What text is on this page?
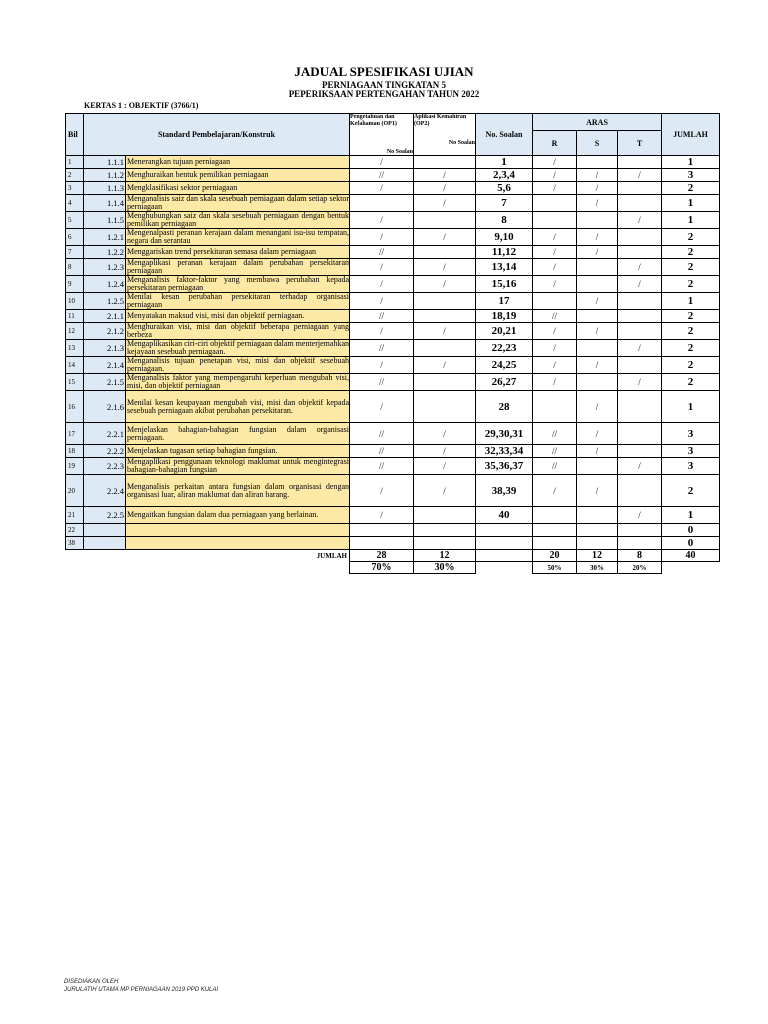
JADUAL SPESIFIKASI UJIAN
PERNIAGAAN TINGKATAN 5
PEPERIKSAAN PERTENGAHAN TAHUN 2022
KERTAS 1 : OBJEKTIF (3766/1)
Bil	Standard Pembelajaran/Konstruk		Pengetahuan dan Kefahaman (OP1)	Aplikasi Kemahiran (OP2)	No. Soalan	ARAS			JUMLAH
			No Soalan	No Soalan		R	S	T	
1	1.1.1	Menerangkan tujuan perniagaan	/		1	/			1
2	1.1.2	Menghuraikan bentuk pemilikan perniagaan	//	/	2,3,4	/	/	/	3
3	1.1.3	Mengklasifikasi sektor perniagaan	/	/	5,6	/	/		2
4	1.1.4	Menganalisis saiz dan skala sesebuah perniagaan dalam setiap sektor perniagaan		/	7		/		1
5	1.1.5	Menghubungkan saiz dan skala sesebuah perniagaan dengan bentuk pemilikan perniagaan	/		8			/	1
6	1.2.1	Mengenalpasti peranan kerajaan dalam menangani isu-isu tempatan, negara dan serantau	/	/	9,10	/	/		2
7	1.2.2	Menggariskan trend persekitaran semasa dalam perniagaan	//		11,12	/	/		2
8	1.2.3	Mengaplikasi peranan kerajaan dalam perubahan persekitaran perniagaan	/	/	13,14	/		/	2
9	1.2.4	Menganalisis faktor-faktor yang membawa perubahan kepada persekitaran perniagaan	/	/	15,16	/		/	2
10	1.2.5	Menilai kesan perubahan persekitaran terhadap organisasi perniagaan	/		17		/		1
11	2.1.1	Menyatakan maksud visi, misi dan objektif perniagaan.	//		18,19	//			2
12	2.1.2	Menghuraikan visi, misi dan objektif beberapa perniagaan yang berbeza	/	/	20,21	/	/		2
13	2.1.3	Mengaplikasikan ciri-ciri objektif perniagaan dalam menterjemahkan kejayaan sesebuah perniagaan.	//		22,23	/		/	2
14	2.1.4	Menganalisis tujuan penetapan visi, misi dan objektif sesebuah perniagaan.	/	/	24,25	/	/		2
15	2.1.5	Menganalisis faktor yang mempengaruhi keperluan mengubah visi, misi, dan objektif perniagaan	//		26,27	/		/	2
16	2.1.6	Menilai kesan keupayaan mengubah visi, misi dan objektif kepada sesebuah perniagaan akibat perubahan persekitaran.	/		28		/		1
17	2.2.1	Menjelaskan bahagian-bahagian fungsian dalam organisasi perniagaan.	//	/	29,30,31	//	/		3
18	2.2.2	Menjelaskan tugasan setiap bahagian fungsian.	//	/	32,33,34	//	/		3
19	2.2.3	Mengaplikasi penggunaan teknologi maklumat untuk mengintegrasi bahagian-bahagian fungsian	//	/	35,36,37	//		/	3
20	2.2.4	Menganalisis perkaitan antara fungsian dalam organisasi dengan organisasi luar, aliran maklumat dan aliran barang.	/	/	38,39	/	/		2
21	2.2.5	Mengaitkan fungsian dalam dua perniagaan yang berlainan.	/		40			/	1
22									0
38									0
JUMLAH			28	12		20	12	8	40
			70%	30%		50%	30%	20%	
DISEDIAKAN OLEH
JURULATIH UTAMA MP PERNIAGAAN 2019 PPD KULAI
